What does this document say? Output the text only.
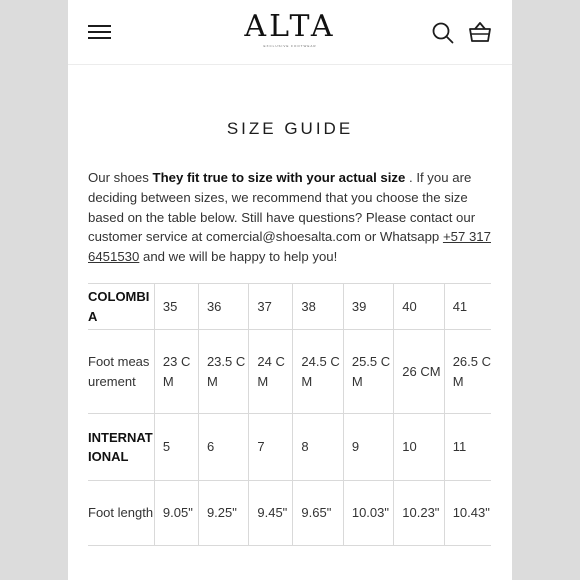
ALTA
EXCLUSIVE FOOTWEAR
SIZE GUIDE

Our shoes They fit true to size with your actual size . If you are deciding between sizes, we recommend that you choose the size based on the table below. Still have questions? Please contact our customer service at comercial@shoesalta.com or Whatsapp +57 317 6451530 and we will be happy to help you!

COLOMBIA	35	36	37	38	39	40	41
Foot measurement	23 CM	23.5 CM	24 CM	24.5 CM	25.5 CM	26 CM	26.5 CM
INTERNATIONAL	5	6	7	8	9	10	11
Foot length	9.05"	9.25"	9.45"	9.65"	10.03"	10.23"	10.43"
